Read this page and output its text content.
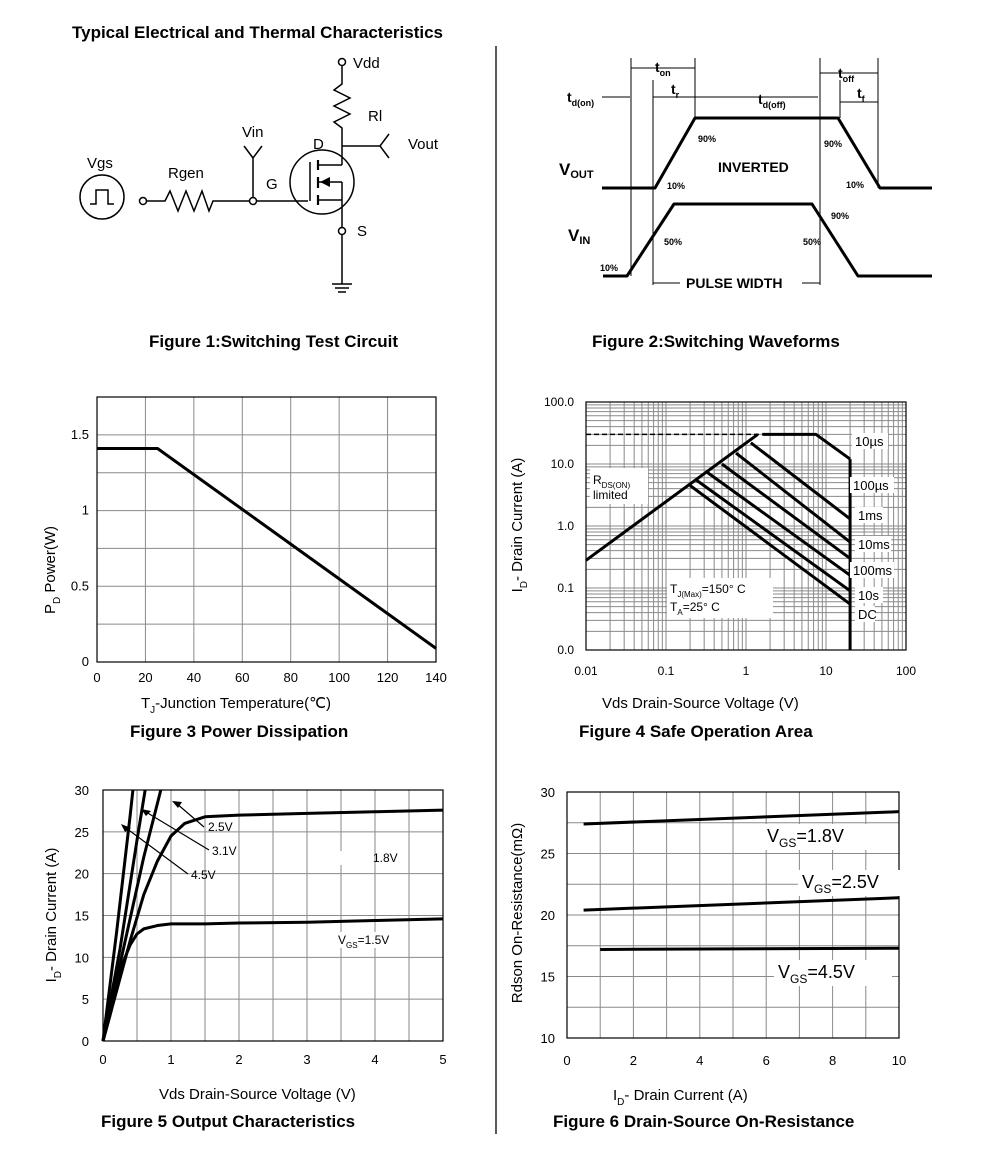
Typical Electrical and Thermal Characteristics
Vgs
Rgen
Vin
G
D
Vdd
Rl
Vout
S
Figure 1:Switching Test Circuit
$t_{d(on)}$
$t_{on}$
$t_r$	$t_{d(off)}$
$t_{off}$
$t_f$
VOUT
VIN
INVERTED
PULSE WIDTH
90%
10%
90%
10%
10%
50%	50%
90%
Figure 2:Switching Waveforms
0	20	40	60	80 100 120 140
0
0.5
1
1.5
$T_J$-Junction Temperature(℃)
$P_D$ Power(W)
Figure 3 Power Dissipation
0.01	0.1	1	10	100
0.0
0.1
1.0
10.0
100.0
10µs
100µs
1ms
10ms
100ms
10s
DC
$R_{DS(ON)}$
limited
$T_{J(Max)}=150^\circ$ C
$T_A=25^\circ$ C
Vds Drain-Source Voltage (V)
$I_D-$ Drain Current (A)
Figure 4 Safe Operation Area
0	1	2	3	4	5
0
5
10
15
20
25
30
1.8V
2.5V
3.1V
4.5V
$V_{GS}=1.5V$
Vds Drain-Source Voltage (V)
$I_D-$ Drain Current (A)
Figure 5 Output Characteristics
0	2	4	6	8	10
10
15
20
25
30
$V_{GS}=1.8V$
$V_{GS}=2.5V$
$V_{GS}=4.5V$
$I_D-$ Drain Current (A)
Rdson On-Resistance(mΩ)
Figure 6 Drain-Source On-Resistance
